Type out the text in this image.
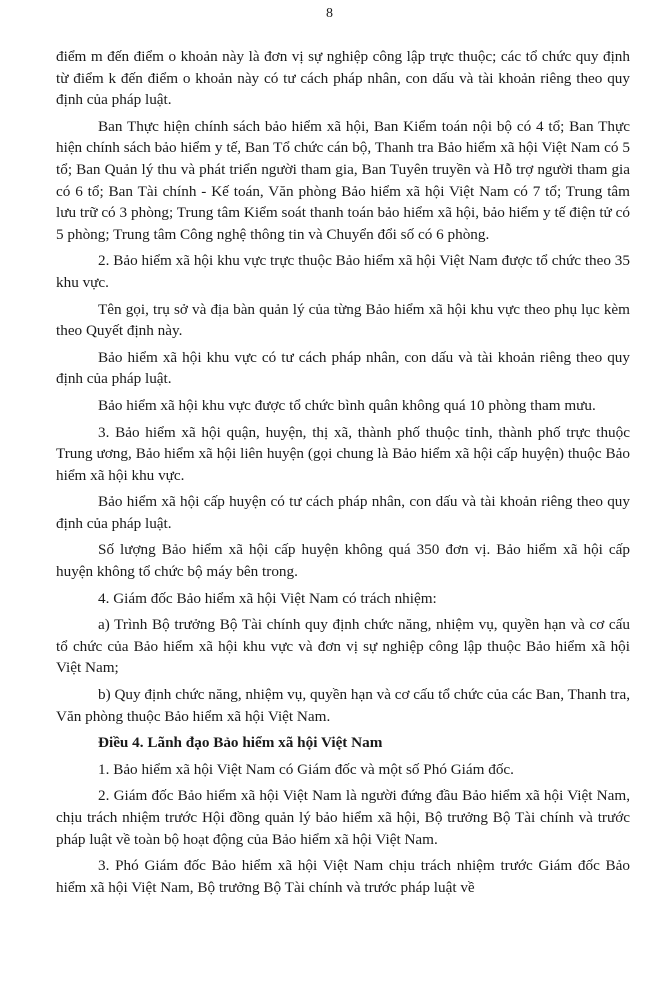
8

điểm m đến điểm o khoản này là đơn vị sự nghiệp công lập trực thuộc; các tổ chức quy định từ điểm k đến điểm o khoản này có tư cách pháp nhân, con dấu và tài khoản riêng theo quy định của pháp luật.

Ban Thực hiện chính sách bảo hiểm xã hội, Ban Kiểm toán nội bộ có 4 tổ; Ban Thực hiện chính sách bảo hiểm y tế, Ban Tổ chức cán bộ, Thanh tra Bảo hiểm xã hội Việt Nam có 5 tổ; Ban Quản lý thu và phát triển người tham gia, Ban Tuyên truyền và Hỗ trợ người tham gia có 6 tổ; Ban Tài chính - Kế toán, Văn phòng Bảo hiểm xã hội Việt Nam có 7 tổ; Trung tâm lưu trữ có 3 phòng; Trung tâm Kiểm soát thanh toán bảo hiểm xã hội, bảo hiểm y tế điện tử có 5 phòng; Trung tâm Công nghệ thông tin và Chuyển đổi số có 6 phòng.

2. Bảo hiểm xã hội khu vực trực thuộc Bảo hiểm xã hội Việt Nam được tổ chức theo 35 khu vực.

Tên gọi, trụ sở và địa bàn quản lý của từng Bảo hiểm xã hội khu vực theo phụ lục kèm theo Quyết định này.

Bảo hiểm xã hội khu vực có tư cách pháp nhân, con dấu và tài khoản riêng theo quy định của pháp luật.

Bảo hiểm xã hội khu vực được tổ chức bình quân không quá 10 phòng tham mưu.

3. Bảo hiểm xã hội quận, huyện, thị xã, thành phố thuộc tỉnh, thành phố trực thuộc Trung ương, Bảo hiểm xã hội liên huyện (gọi chung là Bảo hiểm xã hội cấp huyện) thuộc Bảo hiểm xã hội khu vực.

Bảo hiểm xã hội cấp huyện có tư cách pháp nhân, con dấu và tài khoản riêng theo quy định của pháp luật.

Số lượng Bảo hiểm xã hội cấp huyện không quá 350 đơn vị. Bảo hiểm xã hội cấp huyện không tổ chức bộ máy bên trong.

4. Giám đốc Bảo hiểm xã hội Việt Nam có trách nhiệm:

a) Trình Bộ trưởng Bộ Tài chính quy định chức năng, nhiệm vụ, quyền hạn và cơ cấu tổ chức của Bảo hiểm xã hội khu vực và đơn vị sự nghiệp công lập thuộc Bảo hiểm xã hội Việt Nam;

b) Quy định chức năng, nhiệm vụ, quyền hạn và cơ cấu tổ chức của các Ban, Thanh tra, Văn phòng thuộc Bảo hiểm xã hội Việt Nam.

Điều 4. Lãnh đạo Bảo hiểm xã hội Việt Nam

1. Bảo hiểm xã hội Việt Nam có Giám đốc và một số Phó Giám đốc.

2. Giám đốc Bảo hiểm xã hội Việt Nam là người đứng đầu Bảo hiểm xã hội Việt Nam, chịu trách nhiệm trước Hội đồng quản lý bảo hiểm xã hội, Bộ trưởng Bộ Tài chính và trước pháp luật về toàn bộ hoạt động của Bảo hiểm xã hội Việt Nam.

3. Phó Giám đốc Bảo hiểm xã hội Việt Nam chịu trách nhiệm trước Giám đốc Bảo hiểm xã hội Việt Nam, Bộ trưởng Bộ Tài chính và trước pháp luật về
